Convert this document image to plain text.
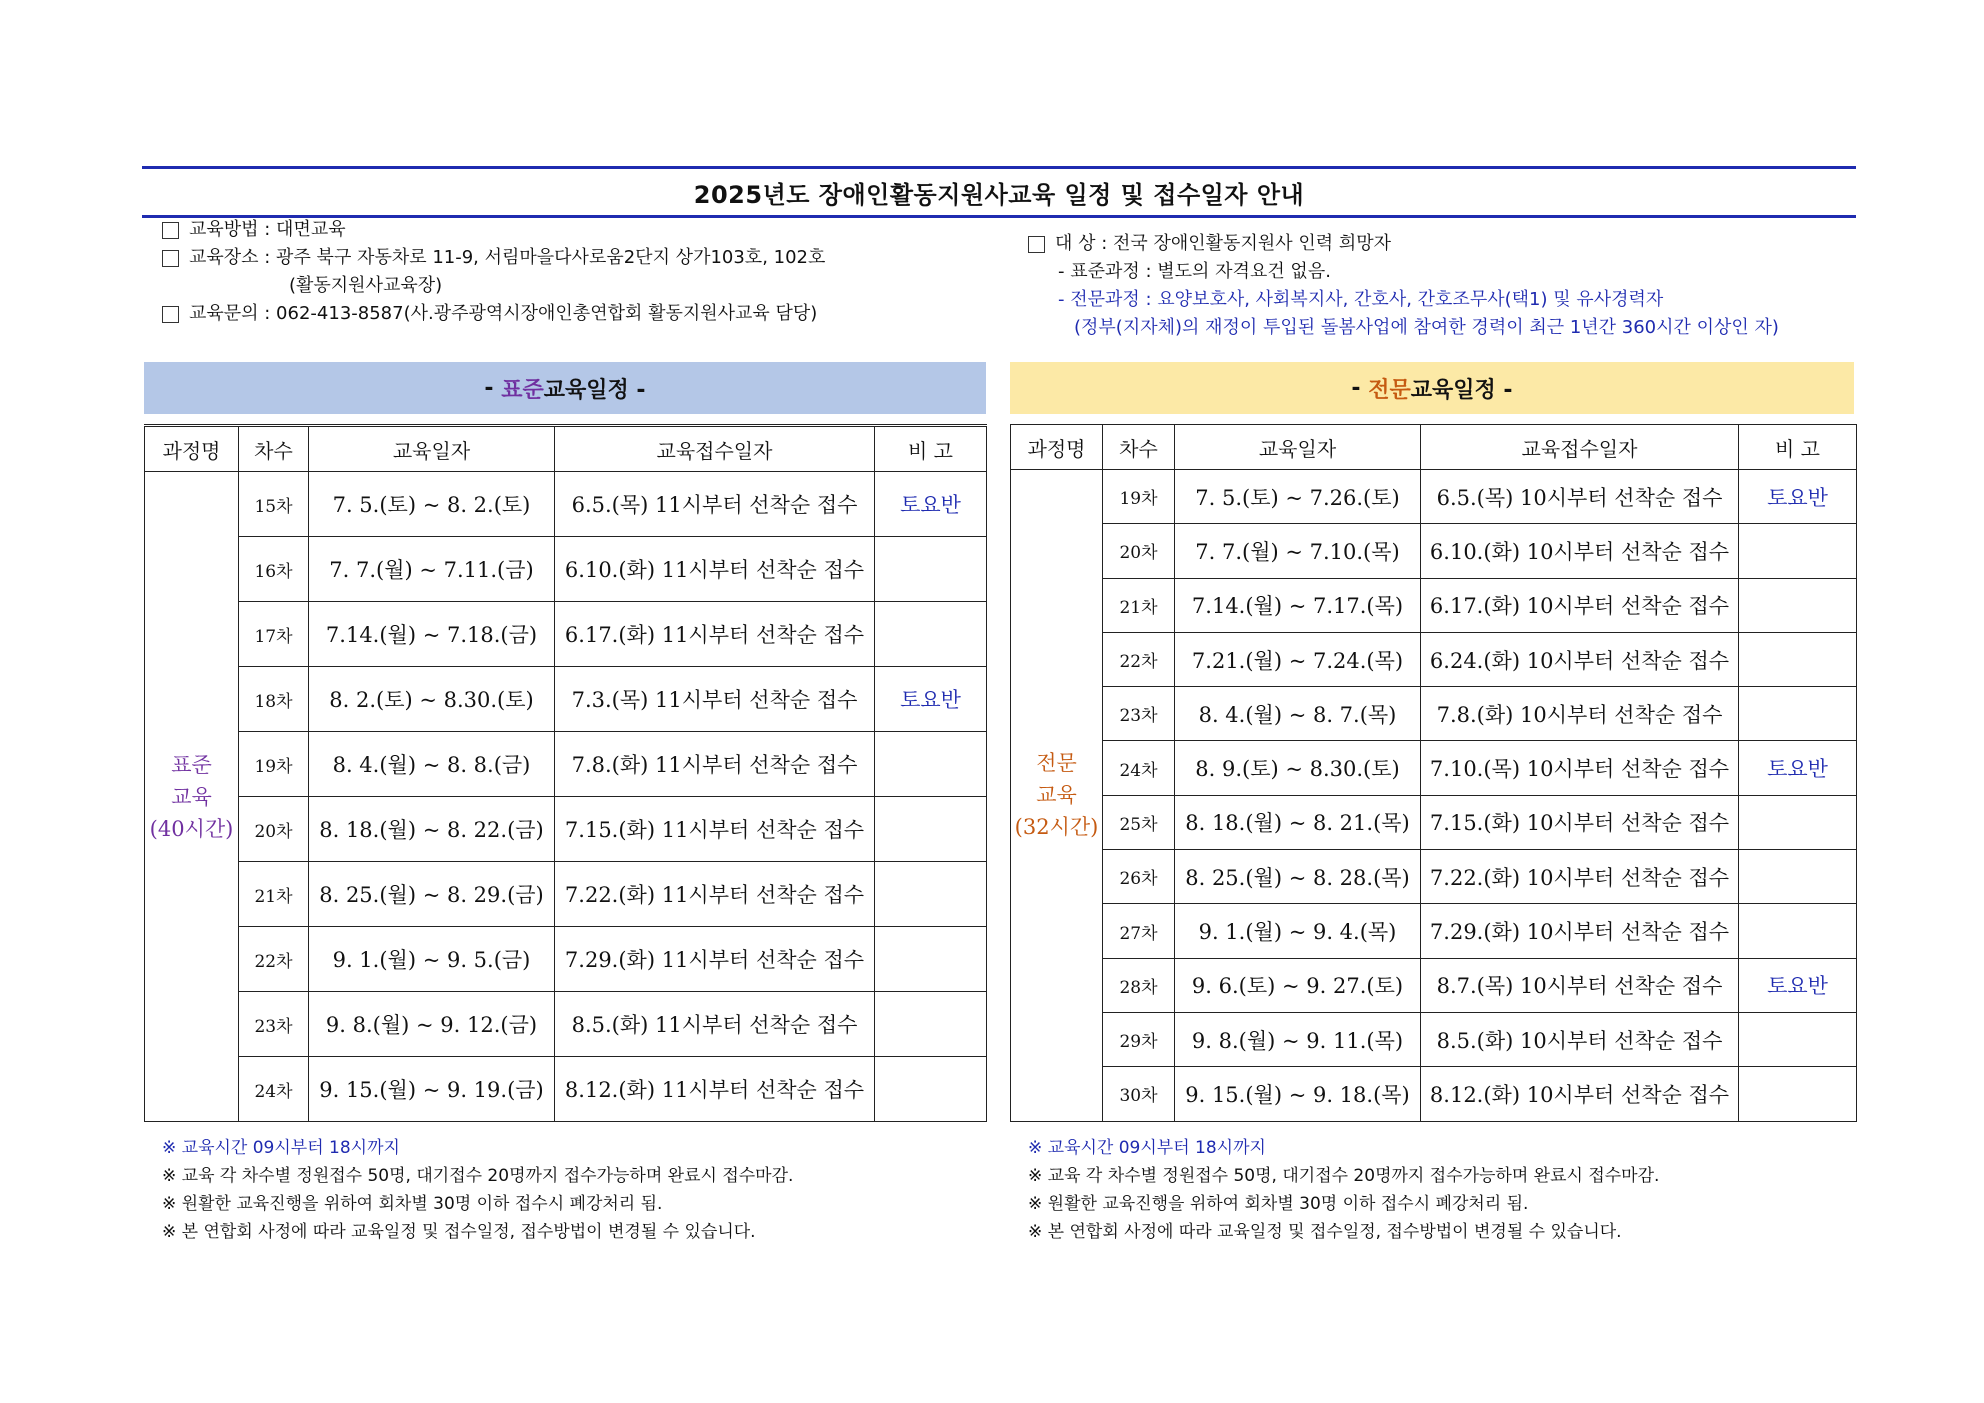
2025년도 장애인활동지원사교육 일정 및 접수일자 안내
교육방법 : 대면교육
교육장소 : 광주 북구 자동차로 11-9, 서림마을다사로움2단지 상가103호, 102호
(활동지원사교육장)
교육문의 : 062-413-8587(사.광주광역시장애인총연합회 활동지원사교육 담당)
대 상 : 전국 장애인활동지원사 인력 희망자
- 표준과정 : 별도의 자격요건 없음.
- 전문과정 : 요양보호사, 사회복지사, 간호사, 간호조무사(택1) 및 유사경력자
(정부(지자체)의 재정이 투입된 돌봄사업에 참여한 경력이 최근 1년간 360시간 이상인 자)
-
표준 교육일정 -	-
전문 교육일정 -
과정명	차수	교육일자	교육접수일자	비 고

표준
교육
(40시간)	15차	7. 5.(토) ~ 8. 2.(토)	6.5.(목) 11시부터 선착순 접수	토요반
	16차	7. 7.(월) ~ 7.11.(금)	6.10.(화) 11시부터 선착순 접수	
	17차	7.14.(월) ~ 7.18.(금)	6.17.(화) 11시부터 선착순 접수	
	18차	8. 2.(토) ~ 8.30.(토)	7.3.(목) 11시부터 선착순 접수	토요반
	19차	8. 4.(월) ~ 8. 8.(금)	7.8.(화) 11시부터 선착순 접수	
	20차	8. 18.(월) ~ 8. 22.(금)	7.15.(화) 11시부터 선착순 접수	
	21차	8. 25.(월) ~ 8. 29.(금)	7.22.(화) 11시부터 선착순 접수	
	22차	9. 1.(월) ~ 9. 5.(금)	7.29.(화) 11시부터 선착순 접수	
	23차	9. 8.(월) ~ 9. 12.(금)	8.5.(화) 11시부터 선착순 접수	
	24차	9. 15.(월) ~ 9. 19.(금)	8.12.(화) 11시부터 선착순 접수	
과정명	차수	교육일자	교육접수일자	비 고

전문
교육
(32시간)	19차	7. 5.(토) ~ 7.26.(토)	6.5.(목) 10시부터 선착순 접수	토요반
	20차	7. 7.(월) ~ 7.10.(목)	6.10.(화) 10시부터 선착순 접수	
	21차	7.14.(월) ~ 7.17.(목)	6.17.(화) 10시부터 선착순 접수	
	22차	7.21.(월) ~ 7.24.(목)	6.24.(화) 10시부터 선착순 접수	
	23차	8. 4.(월) ~ 8. 7.(목)	7.8.(화) 10시부터 선착순 접수	
	24차	8. 9.(토) ~ 8.30.(토)	7.10.(목) 10시부터 선착순 접수	토요반
	25차	8. 18.(월) ~ 8. 21.(목)	7.15.(화) 10시부터 선착순 접수	
	26차	8. 25.(월) ~ 8. 28.(목)	7.22.(화) 10시부터 선착순 접수	
	27차	9. 1.(월) ~ 9. 4.(목)	7.29.(화) 10시부터 선착순 접수	
	28차	9. 6.(토) ~ 9. 27.(토)	8.7.(목) 10시부터 선착순 접수	토요반
	29차	9. 8.(월) ~ 9. 11.(목)	8.5.(화) 10시부터 선착순 접수	
	30차	9. 15.(월) ~ 9. 18.(목)	8.12.(화) 10시부터 선착순 접수	
※ 교육시간 09시부터 18시까지
※ 교육 각 차수별 정원접수 50명, 대기접수 20명까지 접수가능하며 완료시 접수마감.
※ 원활한 교육진행을 위하여 회차별 30명 이하 접수시 폐강처리 됨.
※ 본 연합회 사정에 따라 교육일정 및 접수일정, 접수방법이 변경될 수 있습니다.
※ 교육시간 09시부터 18시까지
※ 교육 각 차수별 정원접수 50명, 대기접수 20명까지 접수가능하며 완료시 접수마감.
※ 원활한 교육진행을 위하여 회차별 30명 이하 접수시 폐강처리 됨.
※ 본 연합회 사정에 따라 교육일정 및 접수일정, 접수방법이 변경될 수 있습니다.
